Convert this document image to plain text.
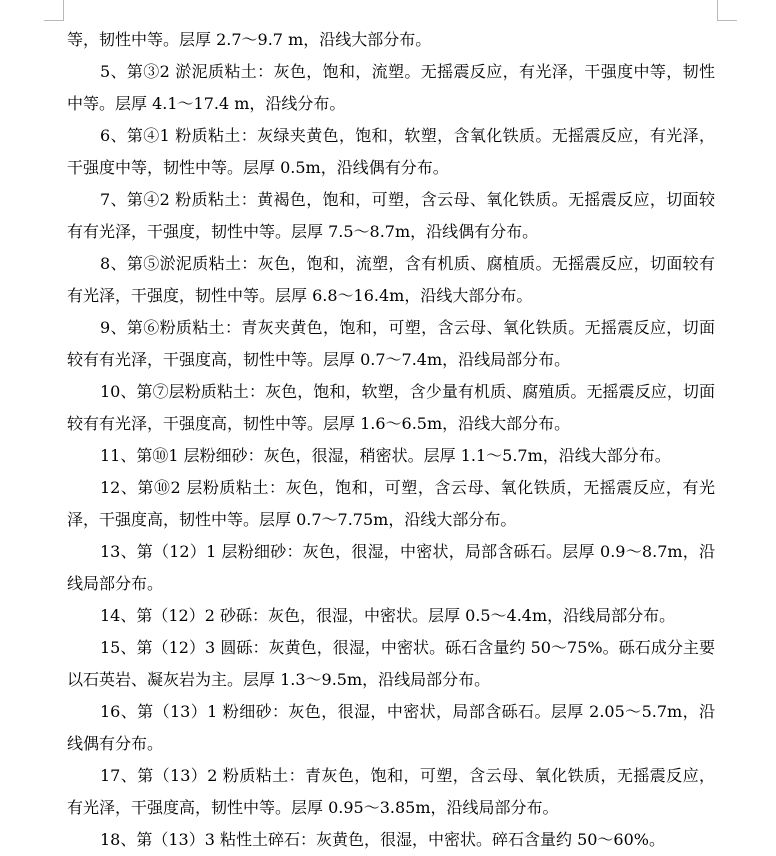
等，韧性中等。层厚 2.7～9.7 m，沿线大部分布。

5、第③2 淤泥质粘土：灰色，饱和，流塑。无摇震反应，有光泽，干强度中等，韧性中等。层厚 4.1～17.4 m，沿线分布。

6、第④1 粉质粘土：灰绿夹黄色，饱和，软塑，含氧化铁质。无摇震反应，有光泽，干强度中等，韧性中等。层厚 0.5m，沿线偶有分布。

7、第④2 粉质粘土：黄褐色，饱和，可塑，含云母、氧化铁质。无摇震反应，切面较有有光泽，干强度，韧性中等。层厚 7.5～8.7m，沿线偶有分布。

8、第⑤淤泥质粘土：灰色，饱和，流塑，含有机质、腐植质。无摇震反应，切面较有有光泽，干强度，韧性中等。层厚 6.8～16.4m，沿线大部分布。

9、第⑥粉质粘土：青灰夹黄色，饱和，可塑，含云母、氧化铁质。无摇震反应，切面较有有光泽，干强度高，韧性中等。层厚 0.7～7.4m，沿线局部分布。

10、第⑦层粉质粘土：灰色，饱和，软塑，含少量有机质、腐殖质。无摇震反应，切面较有有光泽，干强度高，韧性中等。层厚 1.6～6.5m，沿线大部分布。

11、第⑩1 层粉细砂：灰色，很湿，稍密状。层厚 1.1～5.7m，沿线大部分布。

12、第⑩2 层粉质粘土：灰色，饱和，可塑，含云母、氧化铁质，无摇震反应，有光泽，干强度高，韧性中等。层厚 0.7～7.75m，沿线大部分布。

13、第（12）1 层粉细砂：灰色，很湿，中密状，局部含砾石。层厚 0.9～8.7m，沿线局部分布。

14、第（12）2 砂砾：灰色，很湿，中密状。层厚 0.5～4.4m，沿线局部分布。

15、第（12）3 圆砾：灰黄色，很湿，中密状。砾石含量约 50～75%。砾石成分主要以石英岩、凝灰岩为主。层厚 1.3～9.5m，沿线局部分布。

16、第（13）1 粉细砂：灰色，很湿，中密状，局部含砾石。层厚 2.05～5.7m，沿线偶有分布。

17、第（13）2 粉质粘土：青灰色，饱和，可塑，含云母、氧化铁质，无摇震反应，有光泽，干强度高，韧性中等。层厚 0.95～3.85m，沿线局部分布。

18、第（13）3 粘性土碎石：灰黄色，很湿，中密状。碎石含量约 50～60%。
